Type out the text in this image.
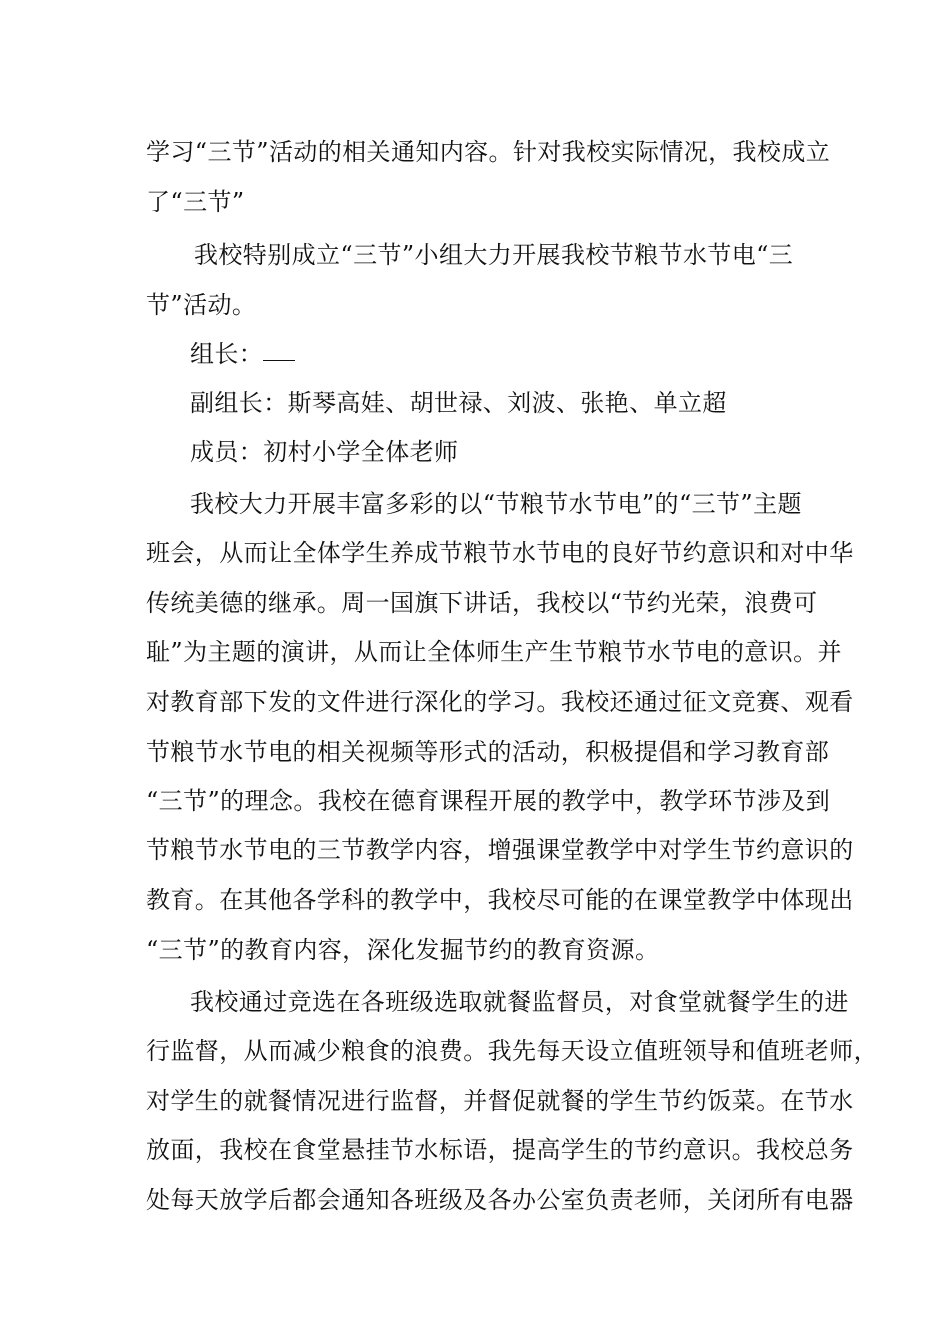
学习“三节”活动的相关通知内容。针对我校实际情况，我校成立
了“三节”
我校特别成立“三节”小组大力开展我校节粮节水节电“三
节”活动。
组长：
副组长：斯琴高娃、胡世禄、刘波、张艳、单立超
成员：初村小学全体老师
我校大力开展丰富多彩的以“节粮节水节电”的“三节”主题
班会，从而让全体学生养成节粮节水节电的良好节约意识和对中华
传统美德的继承。周一国旗下讲话，我校以“节约光荣，浪费可
耻”为主题的演讲，从而让全体师生产生节粮节水节电的意识。并
对教育部下发的文件进行深化的学习。我校还通过征文竞赛、观看
节粮节水节电的相关视频等形式的活动，积极提倡和学习教育部
“三节”的理念。我校在德育课程开展的教学中，教学环节涉及到
节粮节水节电的三节教学内容，增强课堂教学中对学生节约意识的
教育。在其他各学科的教学中，我校尽可能的在课堂教学中体现出
“三节”的教育内容，深化发掘节约的教育资源。
我校通过竞选在各班级选取就餐监督员，对食堂就餐学生的进
行监督，从而减少粮食的浪费。我先每天设立值班领导和值班老师，
对学生的就餐情况进行监督，并督促就餐的学生节约饭菜。在节水
放面，我校在食堂悬挂节水标语，提高学生的节约意识。我校总务
处每天放学后都会通知各班级及各办公室负责老师，关闭所有电器
